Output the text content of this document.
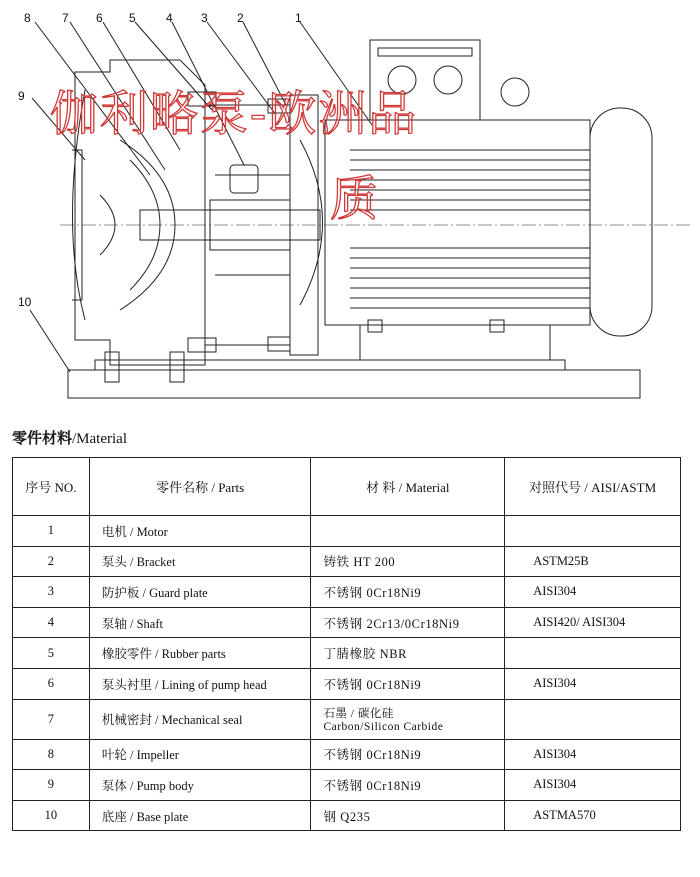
8	7 6 5	4 3 2	1
9
10
伽利略泵-欧洲品
质
零件材料/Material
序号 NO.	零件名称 / Parts	材 料 / Material	对照代号 / AISI/ASTM
1	电机 / Motor		
2	泵头 / Bracket	铸铁 HT 200	ASTM25B
3	防护板 / Guard plate	不锈钢 0Cr18Ni9	AISI304
4	泵轴 / Shaft	不锈钢 2Cr13/0Cr18Ni9	AISI420/ AISI304
5	橡胶零件 / Rubber parts	丁腈橡胶 NBR	
6	泵头衬里 / Lining of pump head	不锈钢 0Cr18Ni9	AISI304
7	机械密封 / Mechanical seal	石墨 / 碳化硅
Carbon/Silicon Carbide	

8	叶轮 / Impeller	不锈钢 0Cr18Ni9	AISI304
9	泵体 / Pump body	不锈钢 0Cr18Ni9	AISI304
10	底座 / Base plate	钢 Q235	ASTMA570
